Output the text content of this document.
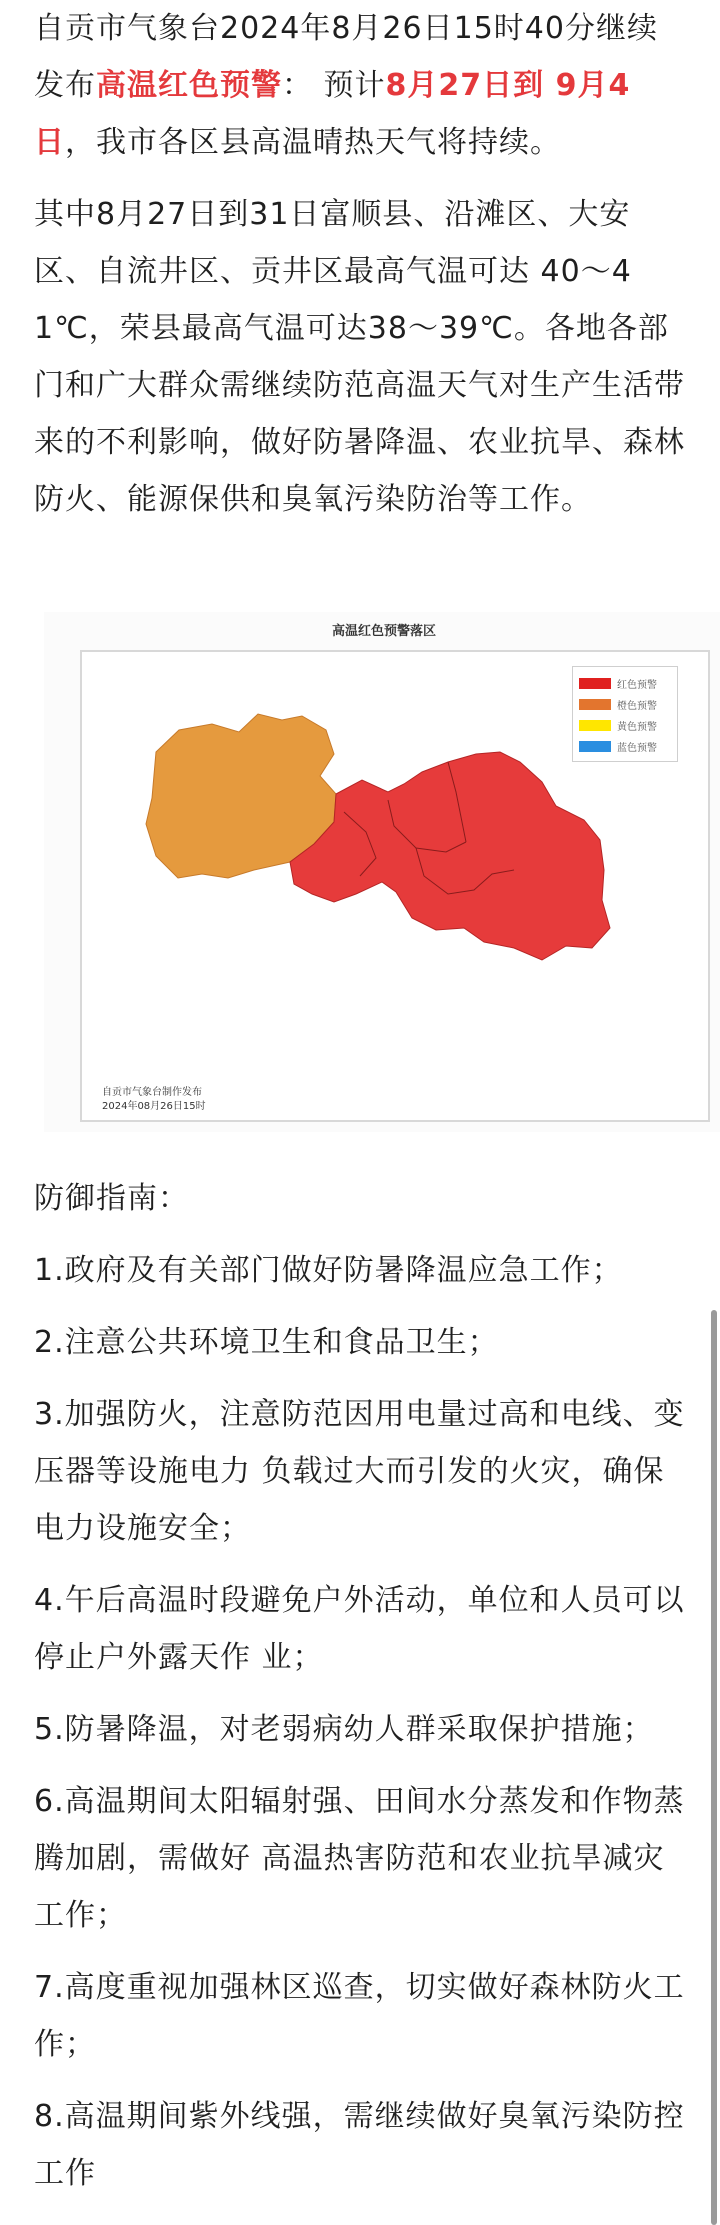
自贡市气象台2024年8月26日15时40分继续发布高温红色预警： 预计8月27日到 9月4日，我市各区县高温晴热天气将持续。

其中8月27日到31日富顺县、沿滩区、大安区、自流井区、贡井区最高气温可达 40～41℃，荣县最高气温可达38～39℃。各地各部门和广大群众需继续防范高温天气对生产生活带来的不利影响，做好防暑降温、农业抗旱、森林防火、能源保供和臭氧污染防治等工作。

高温红色预警落区
红色预警
橙色预警
黄色预警
蓝色预警
自贡市气象台制作发布
2024年08月26日15时

防御指南：

1.政府及有关部门做好防暑降温应急工作；

2.注意公共环境卫生和食品卫生；

3.加强防火，注意防范因用电量过高和电线、变压器等设施电力 负载过大而引发的火灾，确保电力设施安全；

4.午后高温时段避免户外活动，单位和人员可以停止户外露天作 业；

5.防暑降温，对老弱病幼人群采取保护措施；

6.高温期间太阳辐射强、田间水分蒸发和作物蒸腾加剧，需做好 高温热害防范和农业抗旱减灾工作；

7.高度重视加强林区巡查，切实做好森林防火工作；

8.高温期间紫外线强，需继续做好臭氧污染防控工作
